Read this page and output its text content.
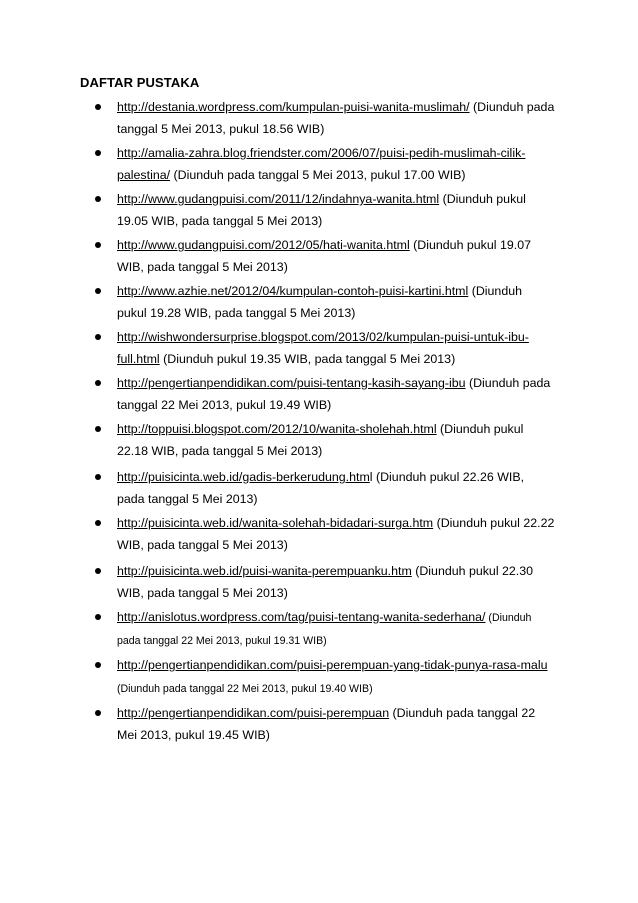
DAFTAR PUSTAKA
http://destania.wordpress.com/kumpulan-puisi-wanita-muslimah/ (Diunduh pada tanggal 5 Mei 2013, pukul 18.56 WIB)
http://amalia-zahra.blog.friendster.com/2006/07/puisi-pedih-muslimah-cilik-palestina/ (Diunduh pada tanggal 5 Mei 2013, pukul 17.00 WIB)
http://www.gudangpuisi.com/2011/12/indahnya-wanita.html (Diunduh pukul 19.05 WIB, pada tanggal 5 Mei 2013)
http://www.gudangpuisi.com/2012/05/hati-wanita.html (Diunduh pukul 19.07 WIB, pada tanggal 5 Mei 2013)
http://www.azhie.net/2012/04/kumpulan-contoh-puisi-kartini.html (Diunduh pukul 19.28 WIB, pada tanggal 5 Mei 2013)
http://wishwondersurprise.blogspot.com/2013/02/kumpulan-puisi-untuk-ibu-full.html (Diunduh pukul 19.35 WIB, pada tanggal 5 Mei 2013)
http://pengertianpendidikan.com/puisi-tentang-kasih-sayang-ibu (Diunduh pada tanggal 22 Mei 2013, pukul 19.49 WIB)
http://toppuisi.blogspot.com/2012/10/wanita-sholehah.html (Diunduh pukul 22.18 WIB, pada tanggal 5 Mei 2013)
http://puisicinta.web.id/gadis-berkerudung.html (Diunduh pukul 22.26 WIB, pada tanggal 5 Mei 2013)
http://puisicinta.web.id/wanita-solehah-bidadari-surga.htm (Diunduh pukul 22.22 WIB, pada tanggal 5 Mei 2013)
http://puisicinta.web.id/puisi-wanita-perempuanku.htm (Diunduh pukul 22.30 WIB, pada tanggal 5 Mei 2013)
http://anislotus.wordpress.com/tag/puisi-tentang-wanita-sederhana/ (Diunduh pada tanggal 22 Mei 2013, pukul 19.31 WIB)
http://pengertianpendidikan.com/puisi-perempuan-yang-tidak-punya-rasa-malu (Diunduh pada tanggal 22 Mei 2013, pukul 19.40 WIB)
http://pengertianpendidikan.com/puisi-perempuan (Diunduh pada tanggal 22 Mei 2013, pukul 19.45 WIB)
